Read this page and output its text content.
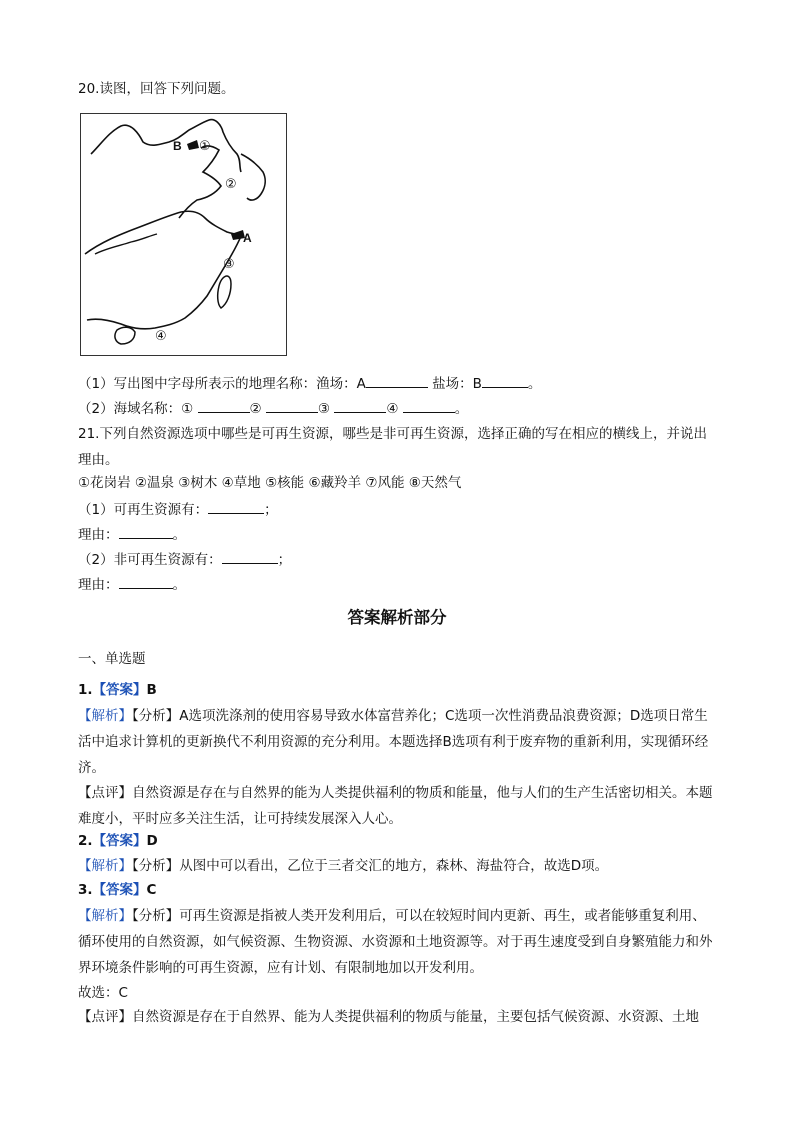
20.读图，回答下列问题。
A
B ①
②
③
④
（1）写出图中字母所表示的地理名称：渔场：A	盐场：B	。
（2）海域名称：①	②	③	④	。
21.下列自然资源选项中哪些是可再生资源，哪些是非可再生资源，选择正确的写在相应的横线上，并说出理由。
①花岗岩 ②温泉 ③树木 ④草地 ⑤核能 ⑥藏羚羊 ⑦风能 ⑧天然气
（1）可再生资源有：	；
理由：	。
（2）非可再生资源有：	；
理由：	。
答案解析部分
一、单选题
1.【答案】B
【解析】【分析】A选项洗涤剂的使用容易导致水体富营养化；C选项一次性消费品浪费资源；D选项日常生活中追求计算机的更新换代不利用资源的充分利用。本题选择B选项有利于废弃物的重新利用，实现循环经济。
【点评】自然资源是存在与自然界的能为人类提供福利的物质和能量，他与人们的生产生活密切相关。本题难度小，平时应多关注生活，让可持续发展深入人心。
2.【答案】D
【解析】【分析】从图中可以看出，乙位于三者交汇的地方，森林、海盐符合，故选D项。
3.【答案】C
【解析】【分析】可再生资源是指被人类开发利用后，可以在较短时间内更新、再生，或者能够重复利用、循环使用的自然资源，如气候资源、生物资源、水资源和土地资源等。对于再生速度受到自身繁殖能力和外界环境条件影响的可再生资源，应有计划、有限制地加以开发利用。
故选：C
【点评】自然资源是存在于自然界、能为人类提供福利的物质与能量，主要包括气候资源、水资源、土地
